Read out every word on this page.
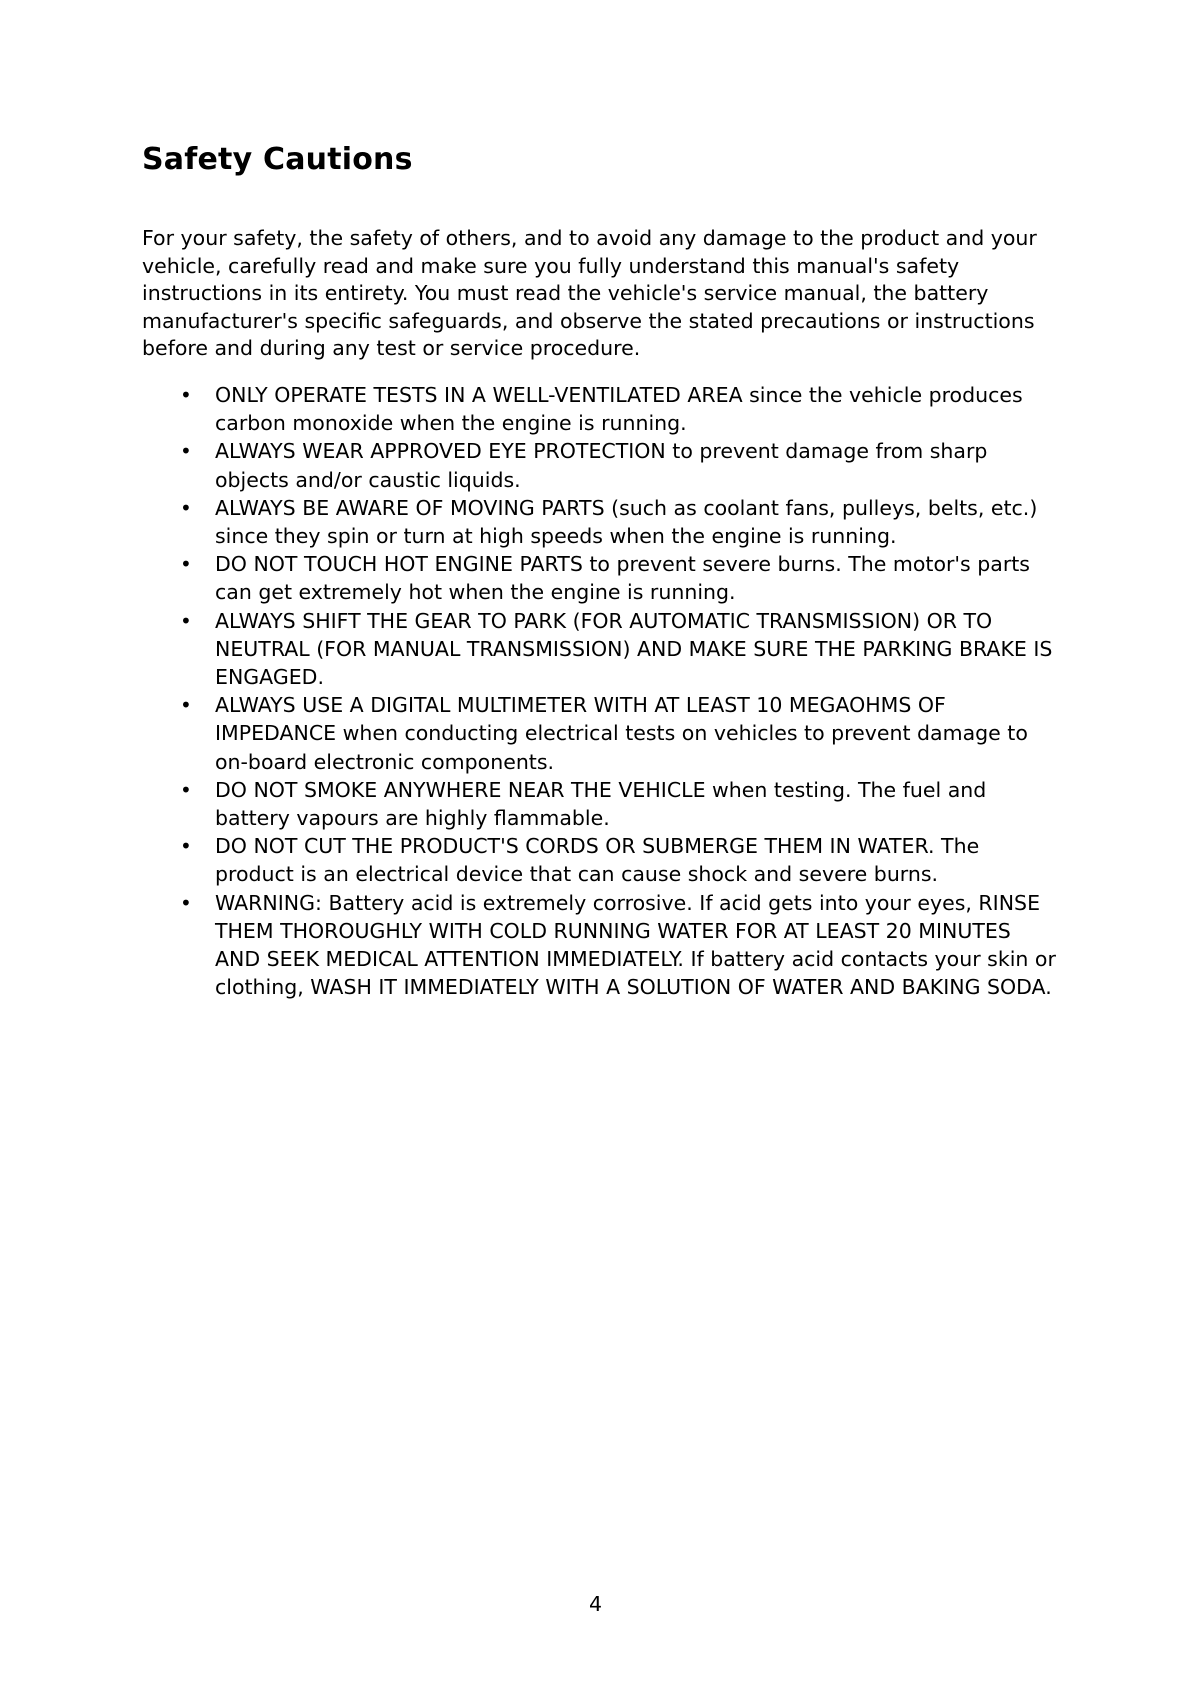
Safety Cautions

For your safety, the safety of others, and to avoid any damage to the product and your vehicle, carefully read and make sure you fully understand this manual's safety instructions in its entirety. You must read the vehicle's service manual, the battery manufacturer's specific safeguards, and observe the stated precautions or instructions before and during any test or service procedure.

• ONLY OPERATE TESTS IN A WELL-VENTILATED AREA since the vehicle produces carbon monoxide when the engine is running.
• ALWAYS WEAR APPROVED EYE PROTECTION to prevent damage from sharp objects and/or caustic liquids.
• ALWAYS BE AWARE OF MOVING PARTS (such as coolant fans, pulleys, belts, etc.) since they spin or turn at high speeds when the engine is running.
• DO NOT TOUCH HOT ENGINE PARTS to prevent severe burns. The motor's parts can get extremely hot when the engine is running.
• ALWAYS SHIFT THE GEAR TO PARK (FOR AUTOMATIC TRANSMISSION) OR TO NEUTRAL (FOR MANUAL TRANSMISSION) AND MAKE SURE THE PARKING BRAKE IS ENGAGED.
• ALWAYS USE A DIGITAL MULTIMETER WITH AT LEAST 10 MEGAOHMS OF IMPEDANCE when conducting electrical tests on vehicles to prevent damage to on-board electronic components.
• DO NOT SMOKE ANYWHERE NEAR THE VEHICLE when testing. The fuel and battery vapours are highly flammable.
• DO NOT CUT THE PRODUCT'S CORDS OR SUBMERGE THEM IN WATER. The product is an electrical device that can cause shock and severe burns.
• WARNING: Battery acid is extremely corrosive. If acid gets into your eyes, RINSE THEM THOROUGHLY WITH COLD RUNNING WATER FOR AT LEAST 20 MINUTES AND SEEK MEDICAL ATTENTION IMMEDIATELY. If battery acid contacts your skin or clothing, WASH IT IMMEDIATELY WITH A SOLUTION OF WATER AND BAKING SODA.
4
